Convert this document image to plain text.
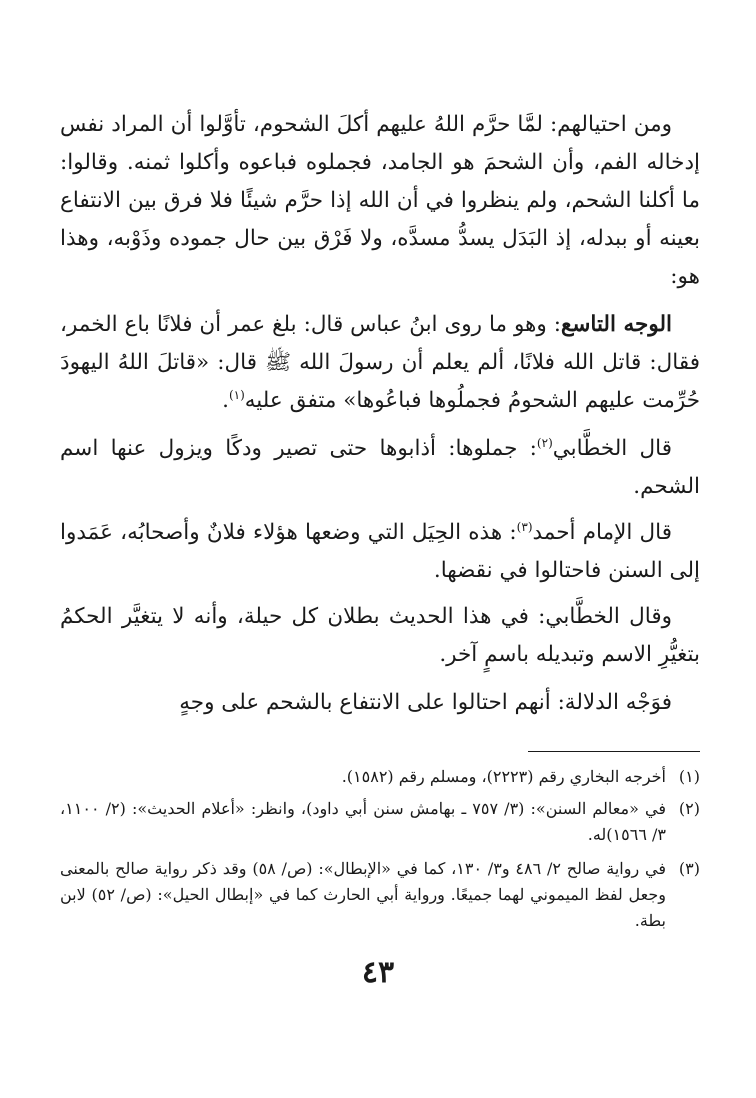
ومن احتيالهم: لمَّا حرَّم اللهُ عليهم أكلَ الشحوم، تأوَّلوا أن المراد نفس إدخاله الفم، وأن الشحمَ هو الجامد، فجملوه فباعوه وأكلوا ثمنه. وقالوا: ما أكلنا الشحم، ولم ينظروا في أن الله إذا حرَّم شيئًا فلا فرق بين الانتفاع بعينه أو ببدله، إذ البَدَل يسدُّ مسدَّه، ولا فَرْق بين حال جموده وذَوْبه، وهذا هو:

الوجه التاسع: وهو ما روى ابنُ عباس قال: بلغ عمر أن فلانًا باع الخمر، فقال: قاتل الله فلانًا، ألم يعلم أن رسولَ الله ﷺ قال: «قاتلَ اللهُ اليهودَ حُرِّمت عليهم الشحومُ فجملُوها فباعُوها» متفق عليه$^{(١)}$.

قال الخطَّابي$^{(٢)}$: جملوها: أذابوها حتى تصير ودكًا ويزول عنها اسم الشحم.

قال الإمام أحمد$^{(٣)}$: هذه الحِيَل التي وضعها هؤلاء فلانٌ وأصحابُه، عَمَدوا إلى السنن فاحتالوا في نقضها.

وقال الخطَّابي: في هذا الحديث بطلان كل حيلة، وأنه لا يتغيَّر الحكمُ بتغيُّرِ الاسم وتبديله باسمٍ آخر.

فوَجْه الدلالة: أنهم احتالوا على الانتفاع بالشحم على وجهٍ

(١)
أخرجه البخاري رقم (٢٢٢٣)، ومسلم رقم (١٥٨٢).
(٢)
في «معالم السنن»: (٣/ ٧٥٧ ـ بهامش سنن أبي داود)، وانظر: «أعلام الحديث»: (٢/ ١١٠٠، ٣/ ١٥٦٦)له.
(٣)
في رواية صالح ٢/ ٤٨٦ و٣/ ١٣٠، كما في «الإبطال»: (ص/ ٥٨) وقد ذكر رواية صالح بالمعنى وجعل لفظ الميموني لهما جميعًا. ورواية أبي الحارث كما في «إبطال الحيل»: (ص/ ٥٢) لابن بطة.
٤٣
